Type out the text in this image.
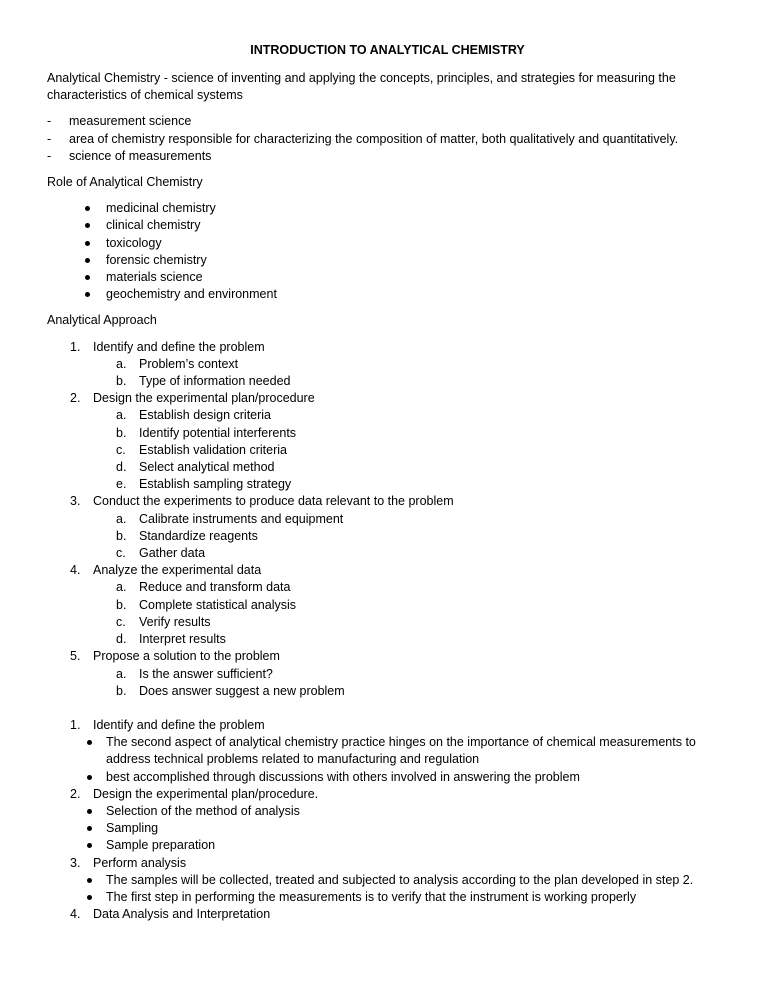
INTRODUCTION TO ANALYTICAL CHEMISTRY

Analytical Chemistry - science of inventing and applying the concepts, principles, and strategies for measuring the characteristics of chemical systems

- measurement science
- area of chemistry responsible for characterizing the composition of matter, both qualitatively and quantitatively.
- science of measurements

Role of Analytical Chemistry

medicinal chemistry
clinical chemistry
toxicology
forensic chemistry
materials science
geochemistry and environment

Analytical Approach

1. Identify and define the problem
a. Problem’s context
b. Type of information needed
2. Design the experimental plan/procedure
a. Establish design criteria
b. Identify potential interferents
c. Establish validation criteria
d. Select analytical method
e. Establish sampling strategy
3. Conduct the experiments to produce data relevant to the problem
a. Calibrate instruments and equipment
b. Standardize reagents
c. Gather data
4. Analyze the experimental data
a. Reduce and transform data
b. Complete statistical analysis
c. Verify results
d. Interpret results
5. Propose a solution to the problem
a. Is the answer sufficient?
b. Does answer suggest a new problem
1. Identify and define the problem
The second aspect of analytical chemistry practice hinges on the importance of chemical measurements to address technical problems related to manufacturing and regulation
best accomplished through discussions with others involved in answering the problem
2. Design the experimental plan/procedure.
Selection of the method of analysis
Sampling
Sample preparation
3. Perform analysis
The samples will be collected, treated and subjected to analysis according to the plan developed in step 2.
The first step in performing the measurements is to verify that the instrument is working properly
4. Data Analysis and Interpretation
